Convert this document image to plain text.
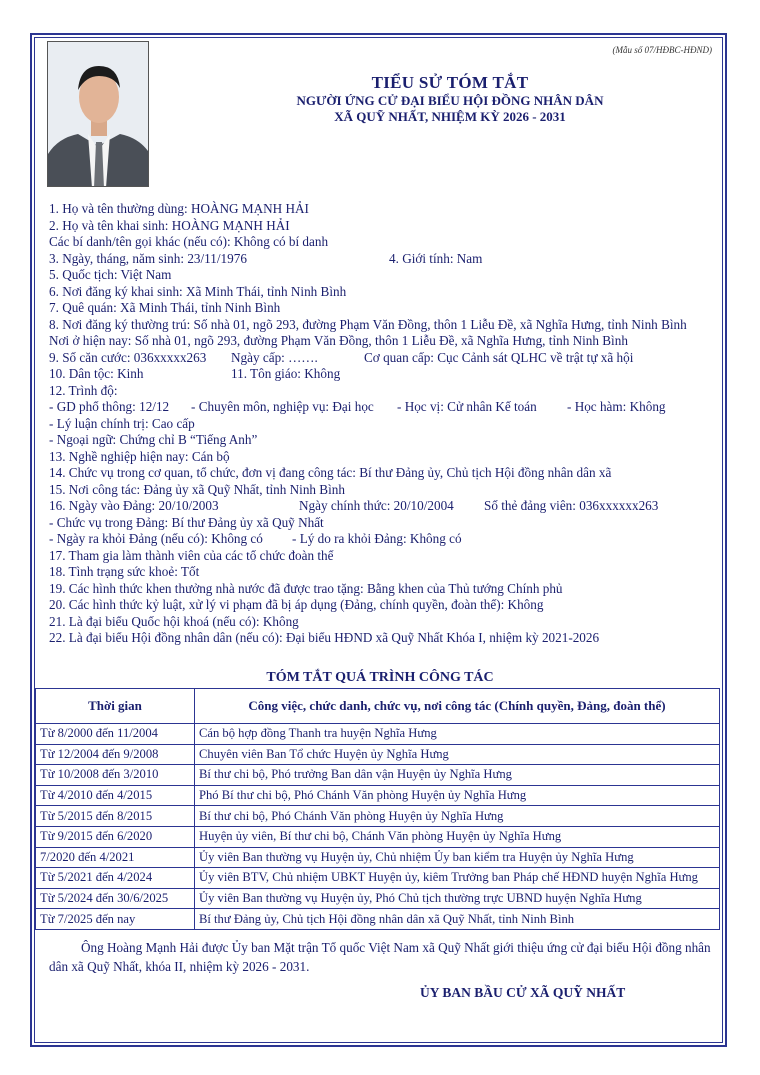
(Mẫu số 07/HĐBC-HĐND)
TIỂU SỬ TÓM TẮT
NGƯỜI ỨNG CỬ ĐẠI BIỂU HỘI ĐỒNG NHÂN DÂN
XÃ QUỸ NHẤT, NHIỆM KỲ 2026 - 2031
1. Họ và tên thường dùng: HOÀNG MẠNH HẢI
2. Họ và tên khai sinh: HOÀNG MẠNH HẢI
Các bí danh/tên gọi khác (nếu có): Không có bí danh
3. Ngày, tháng, năm sinh: 23/11/1976	4. Giới tính: Nam
5. Quốc tịch: Việt Nam
6. Nơi đăng ký khai sinh: Xã Minh Thái, tỉnh Ninh Bình
7. Quê quán: Xã Minh Thái, tỉnh Ninh Bình
8. Nơi đăng ký thường trú: Số nhà 01, ngõ 293, đường Phạm Văn Đồng, thôn 1 Liễu Đề, xã Nghĩa Hưng, tỉnh Ninh Bình
Nơi ở hiện nay: Số nhà 01, ngõ 293, đường Phạm Văn Đồng, thôn 1 Liễu Đề, xã Nghĩa Hưng, tỉnh Ninh Bình
9. Số căn cước: 036xxxxx263 Ngày cấp: …….	Cơ quan cấp: Cục Cảnh sát QLHC về trật tự xã hội
10. Dân tộc: Kinh	11. Tôn giáo: Không
12. Trình độ:
- GD phổ thông: 12/12 - Chuyên môn, nghiệp vụ: Đại học - Học vị: Cử nhân Kế toán - Học hàm: Không
- Lý luận chính trị: Cao cấp
- Ngoại ngữ: Chứng chỉ B “Tiếng Anh”
13. Nghề nghiệp hiện nay: Cán bộ
14. Chức vụ trong cơ quan, tổ chức, đơn vị đang công tác: Bí thư Đảng ủy, Chủ tịch Hội đồng nhân dân xã
15. Nơi công tác: Đảng ủy xã Quỹ Nhất, tỉnh Ninh Bình
16. Ngày vào Đảng: 20/10/2003	Ngày chính thức: 20/10/2004 Số thẻ đảng viên: 036xxxxxx263
- Chức vụ trong Đảng: Bí thư Đảng ủy xã Quỹ Nhất
- Ngày ra khỏi Đảng (nếu có): Không có - Lý do ra khỏi Đảng: Không có
17. Tham gia làm thành viên của các tổ chức đoàn thể
18. Tình trạng sức khoẻ: Tốt
19. Các hình thức khen thưởng nhà nước đã được trao tặng: Bằng khen của Thủ tướng Chính phủ
20. Các hình thức kỷ luật, xử lý vi phạm đã bị áp dụng (Đảng, chính quyền, đoàn thể): Không
21. Là đại biểu Quốc hội khoá (nếu có): Không
22. Là đại biểu Hội đồng nhân dân (nếu có): Đại biểu HĐND xã Quỹ Nhất Khóa I, nhiệm kỳ 2021-2026
TÓM TẮT QUÁ TRÌNH CÔNG TÁC
Thời gian	Công việc, chức danh, chức vụ, nơi công tác (Chính quyền, Đảng, đoàn thể)
Từ 8/2000 đến 11/2004	Cán bộ hợp đồng Thanh tra huyện Nghĩa Hưng
Từ 12/2004 đến 9/2008	Chuyên viên Ban Tổ chức Huyện ủy Nghĩa Hưng
Từ 10/2008 đến 3/2010	Bí thư chi bộ, Phó trưởng Ban dân vận Huyện ủy Nghĩa Hưng
Từ 4/2010 đến 4/2015	Phó Bí thư chi bộ, Phó Chánh Văn phòng Huyện ủy Nghĩa Hưng
Từ 5/2015 đến 8/2015	Bí thư chi bộ, Phó Chánh Văn phòng Huyện ủy Nghĩa Hưng
Từ 9/2015 đến 6/2020	Huyện ủy viên, Bí thư chi bộ, Chánh Văn phòng Huyện ủy Nghĩa Hưng
7/2020 đến 4/2021	Ủy viên Ban thường vụ Huyện ủy, Chủ nhiệm Ủy ban kiểm tra Huyện ủy Nghĩa Hưng
Từ 5/2021 đến 4/2024	Ủy viên BTV, Chủ nhiệm UBKT Huyện ủy, kiêm Trưởng ban Pháp chế HĐND huyện Nghĩa Hưng
Từ 5/2024 đến 30/6/2025	Ủy viên Ban thường vụ Huyện ủy, Phó Chủ tịch thường trực UBND huyện Nghĩa Hưng
Từ 7/2025 đến nay	Bí thư Đảng ủy, Chủ tịch Hội đồng nhân dân xã Quỹ Nhất, tỉnh Ninh Bình
Ông Hoàng Mạnh Hải được Ủy ban Mặt trận Tổ quốc Việt Nam xã Quỹ Nhất giới thiệu ứng cử đại biểu Hội đồng nhân dân xã Quỹ Nhất, khóa II, nhiệm kỳ 2026 - 2031.
ỦY BAN BẦU CỬ XÃ QUỸ NHẤT
